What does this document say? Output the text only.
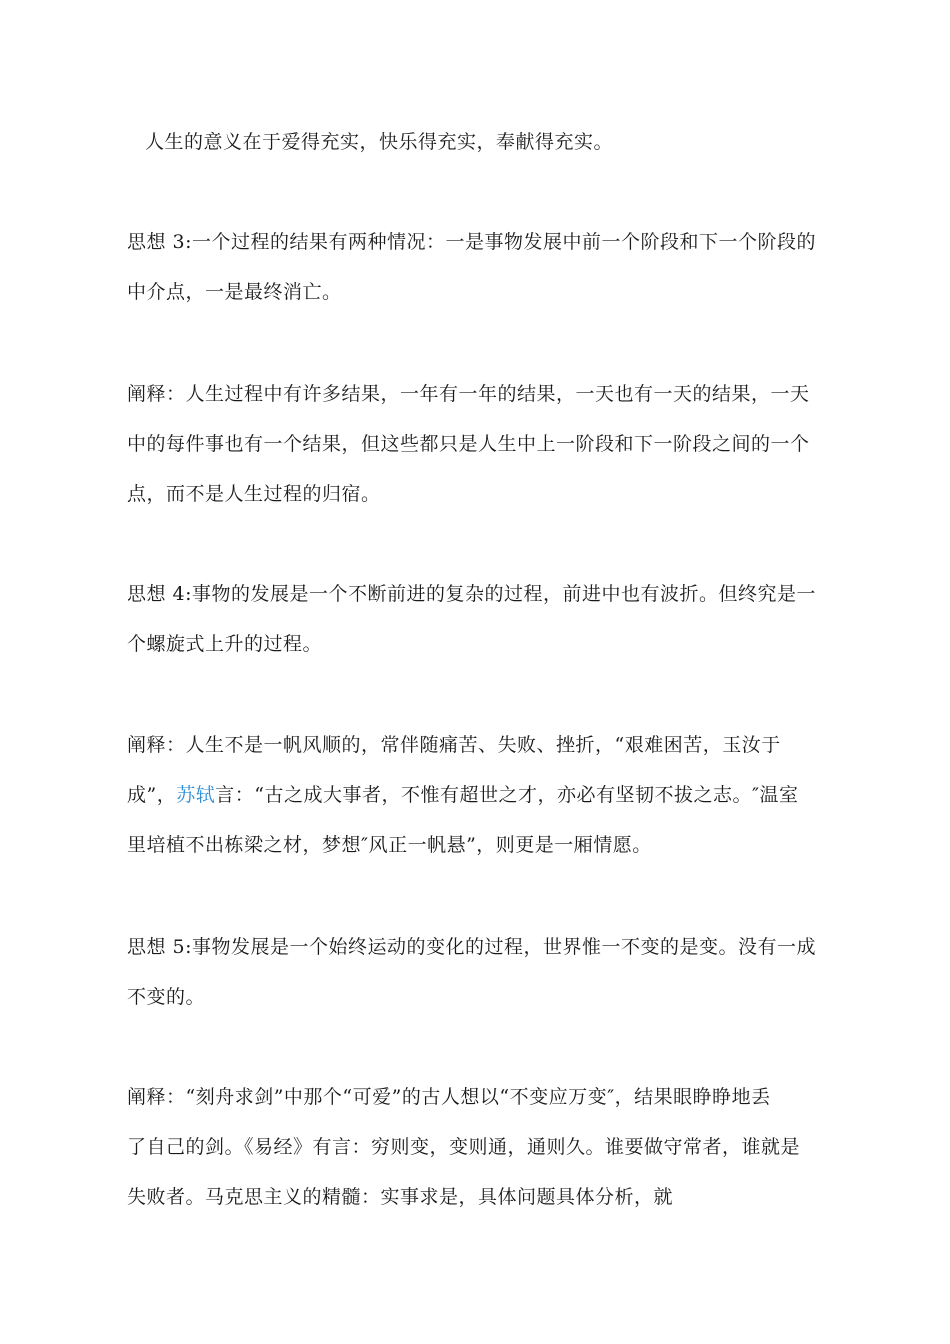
人生的意义在于爱得充实，快乐得充实，奉献得充实。

思想 3:一个过程的结果有两种情况：一是事物发展中前一个阶段和下一个阶段的
中介点，一是最终消亡。

阐释：人生过程中有许多结果，一年有一年的结果，一天也有一天的结果，一天
中的每件事也有一个结果，但这些都只是人生中上一阶段和下一阶段之间的一个
点，而不是人生过程的归宿。

思想 4:事物的发展是一个不断前进的复杂的过程，前进中也有波折。但终究是一
个螺旋式上升的过程。

阐释：人生不是一帆风顺的，常伴随痛苦、失败、挫折，“艰难困苦，玉汝于
成”，苏轼言：“古之成大事者，不惟有超世之才，亦必有坚韧不拔之志。″温室
里培植不出栋梁之材，梦想″风正一帆悬”，则更是一厢情愿。

思想 5:事物发展是一个始终运动的变化的过程，世界惟一不变的是变。没有一成
不变的。

阐释：“刻舟求剑”中那个“可爱”的古人想以“不变应万变″，结果眼睁睁地丢
了自己的剑。《易经》有言：穷则变，变则通，通则久。谁要做守常者，谁就是
失败者。马克思主义的精髓：实事求是，具体问题具体分析，就
